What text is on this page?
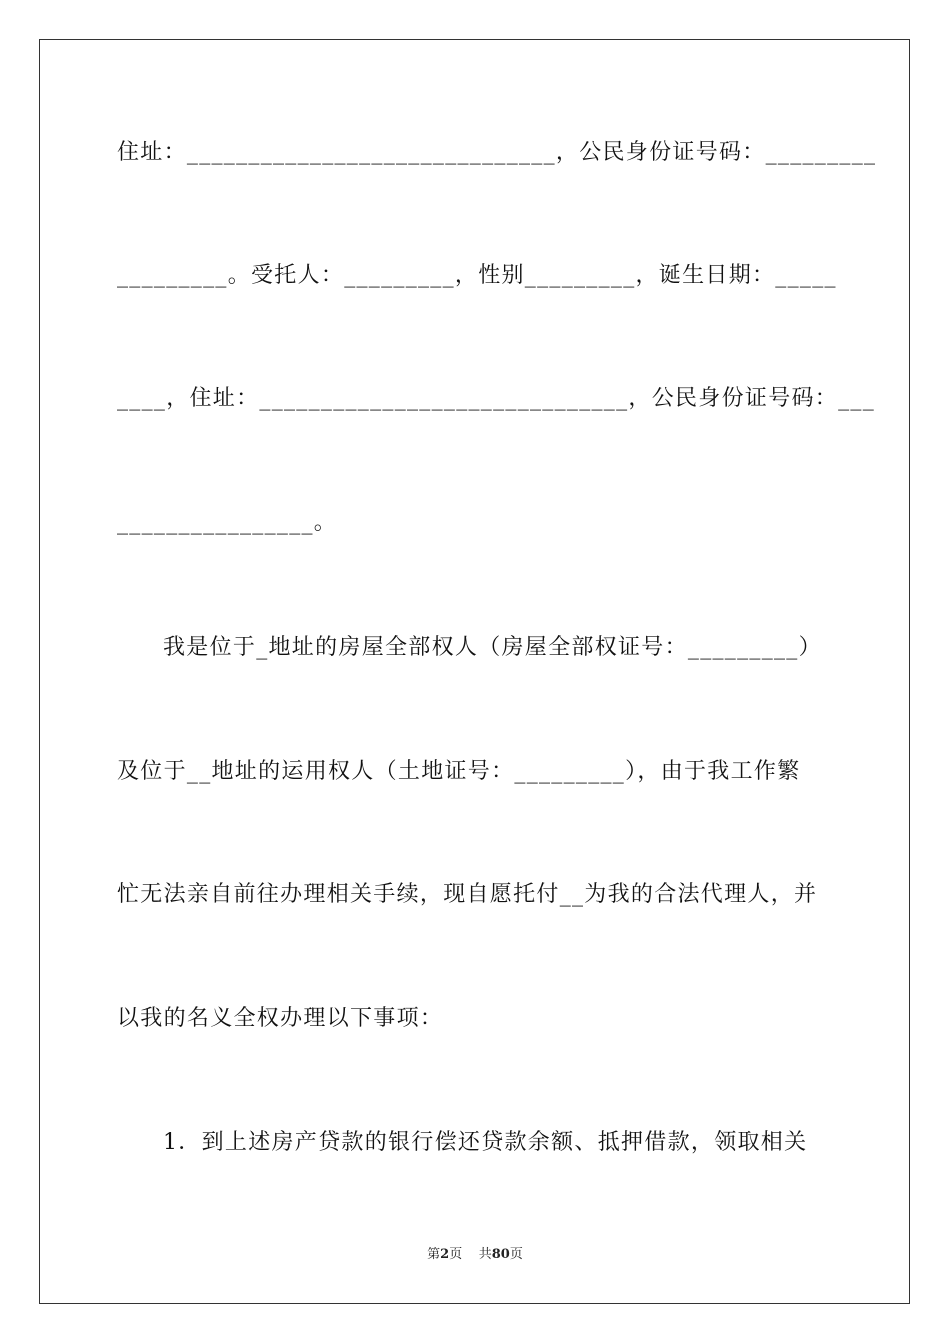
住址：______________________________，公民身份证号码：_________
_________。受托人：_________，性别_________，诞生日期：_____
____，住址：______________________________，公民身份证号码：___
________________。
我是位于_地址的房屋全部权人（房屋全部权证号：_________）
及位于__地址的运用权人（土地证号：_________），由于我工作繁
忙无法亲自前往办理相关手续，现自愿托付__为我的合法代理人，并
以我的名义全权办理以下事项：
1．到上述房产贷款的银行偿还贷款余额、抵押借款，领取相关
第2页    共80页
